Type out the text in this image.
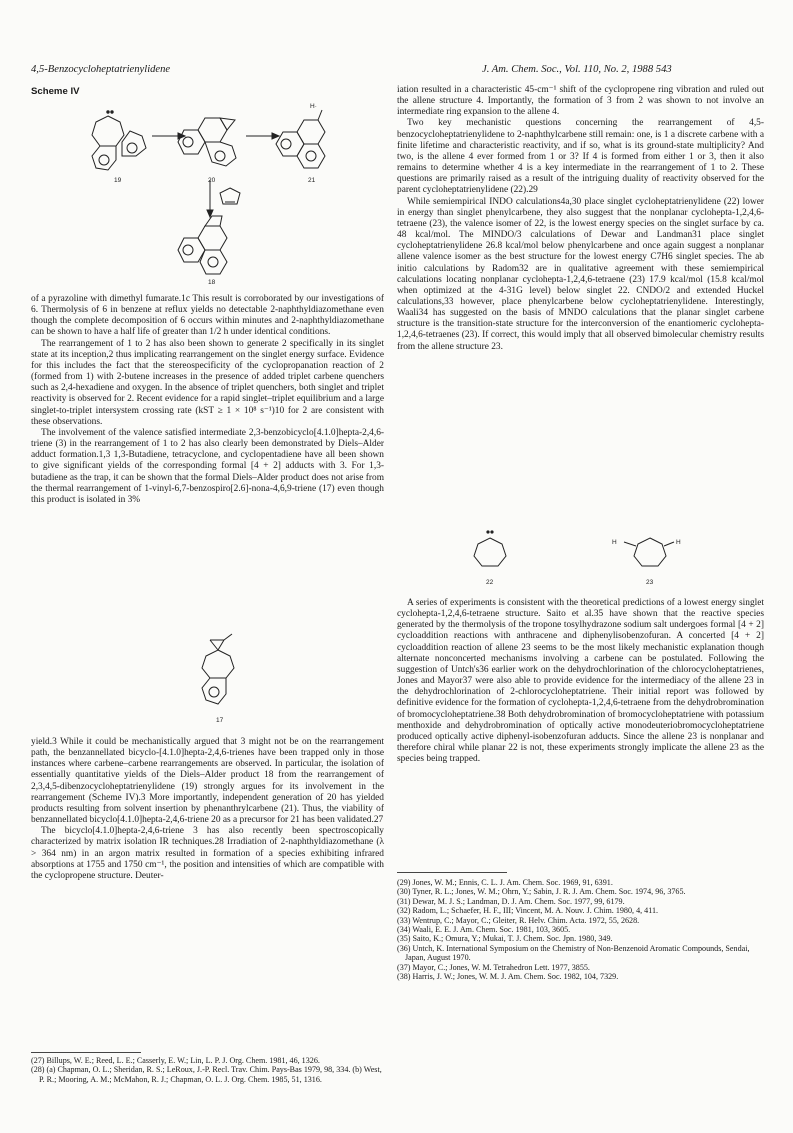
4,5-Benzocycloheptatrienylidene	J. Am. Chem. Soc., Vol. 110, No. 2, 1988 543
Scheme IV
19	20	21
18
H·

of a pyrazoline with dimethyl fumarate.1c This result is corroborated by our investigations of 6. Thermolysis of 6 in benzene at reflux yields no detectable 2-naphthyldiazomethane even though the complete decomposition of 6 occurs within minutes and 2-naphthyldiazomethane can be shown to have a half life of greater than 1/2 h under identical conditions.

The rearrangement of 1 to 2 has also been shown to generate 2 specifically in its singlet state at its inception,2 thus implicating rearrangement on the singlet energy surface. Evidence for this includes the fact that the stereospecificity of the cyclopropanation reaction of 2 (formed from 1) with 2-butene increases in the presence of added triplet carbene quenchers such as 2,4-hexadiene and oxygen. In the absence of triplet quenchers, both singlet and triplet reactivity is observed for 2. Recent evidence for a rapid singlet–triplet equilibrium and a large singlet-to-triplet intersystem crossing rate (kST ≥ 1 × 10⁸ s⁻¹)10 for 2 are consistent with these observations.

The involvement of the valence satisfied intermediate 2,3-benzobicyclo[4.1.0]hepta-2,4,6-triene (3) in the rearrangement of 1 to 2 has also clearly been demonstrated by Diels–Alder adduct formation.1,3 1,3-Butadiene, tetracyclone, and cyclopentadiene have all been shown to give significant yields of the corresponding formal [4 + 2] adducts with 3. For 1,3-butadiene as the trap, it can be shown that the formal Diels–Alder product does not arise from the thermal rearrangement of 1-vinyl-6,7-benzospiro[2.6]-nona-4,6,9-triene (17) even though this product is isolated in 3%

17

yield.3 While it could be mechanistically argued that 3 might not be on the rearrangement path, the benzannellated bicyclo-[4.1.0]hepta-2,4,6-trienes have been trapped only in those instances where carbene–carbene rearrangements are observed. In particular, the isolation of essentially quantitative yields of the Diels–Alder product 18 from the rearrangement of 2,3,4,5-dibenzocycloheptatrienylidene (19) strongly argues for its involvement in the rearrangement (Scheme IV).3 More importantly, independent generation of 20 has yielded products resulting from solvent insertion by phenanthrylcarbene (21). Thus, the viability of benzannellated bicyclo[4.1.0]hepta-2,4,6-triene 20 as a precursor for 21 has been validated.27

The bicyclo[4.1.0]hepta-2,4,6-triene 3 has also recently been spectroscopically characterized by matrix isolation IR techniques.28 Irradiation of 2-naphthyldiazomethane (λ > 364 nm) in an argon matrix resulted in formation of a species exhibiting infrared absorptions at 1755 and 1750 cm⁻¹, the position and intensities of which are compatible with the cyclopropene structure. Deuter-

(27) Billups, W. E.; Reed, L. E.; Casserly, E. W.; Lin, L. P. J. Org. Chem. 1981, 46, 1326.
(28) (a) Chapman, O. L.; Sheridan, R. S.; LeRoux, J.-P. Recl. Trav. Chim. Pays-Bas 1979, 98, 334. (b) West, P. R.; Mooring, A. M.; McMahon, R. J.; Chapman, O. L. J. Org. Chem. 1985, 51, 1316.

iation resulted in a characteristic 45-cm⁻¹ shift of the cyclopropene ring vibration and ruled out the allene structure 4. Importantly, the formation of 3 from 2 was shown to not involve an intermediate ring expansion to the allene 4.

Two key mechanistic questions concerning the rearrangement of 4,5-benzocycloheptatrienylidene to 2-naphthylcarbene still remain: one, is 1 a discrete carbene with a finite lifetime and characteristic reactivity, and if so, what is its ground-state multiplicity? And two, is the allene 4 ever formed from 1 or 3? If 4 is formed from either 1 or 3, then it also remains to determine whether 4 is a key intermediate in the rearrangement of 1 to 2. These questions are primarily raised as a result of the intriguing duality of reactivity observed for the parent cycloheptatrienylidene (22).29

While semiempirical INDO calculations4a,30 place singlet cycloheptatrienylidene (22) lower in energy than singlet phenylcarbene, they also suggest that the nonplanar cyclohepta-1,2,4,6-tetraene (23), the valence isomer of 22, is the lowest energy species on the singlet surface by ca. 48 kcal/mol. The MINDO/3 calculations of Dewar and Landman31 place singlet cycloheptatrienylidene 26.8 kcal/mol below phenylcarbene and once again suggest a nonplanar allene valence isomer as the best structure for the lowest energy C7H6 singlet species. The ab initio calculations by Radom32 are in qualitative agreement with these semiempirical calculations locating nonplanar cyclohepta-1,2,4,6-tetraene (23) 17.9 kcal/mol (15.8 kcal/mol when optimized at the 4-31G level) below singlet 22. CNDO/2 and extended Huckel calculations,33 however, place phenylcarbene below cycloheptatrienylidene. Interestingly, Waali34 has suggested on the basis of MNDO calculations that the planar singlet carbene structure is the transition-state structure for the interconversion of the enantiomeric cyclohepta-1,2,4,6-tetraenes (23). If correct, this would imply that all observed bimolecular chemistry results from the allene structure 23.

22	23
H	H

A series of experiments is consistent with the theoretical predictions of a lowest energy singlet cyclohepta-1,2,4,6-tetraene structure. Saito et al.35 have shown that the reactive species generated by the thermolysis of the tropone tosylhydrazone sodium salt undergoes formal [4 + 2] cycloaddition reactions with anthracene and diphenylisobenzofuran. A concerted [4 + 2] cycloaddition reaction of allene 23 seems to be the most likely mechanistic explanation though alternate nonconcerted mechanisms involving a carbene can be postulated. Following the suggestion of Untch's36 earlier work on the dehydrochlorination of the chlorocycloheptatrienes, Jones and Mayor37 were also able to provide evidence for the intermediacy of the allene 23 in the dehydrochlorination of 2-chlorocycloheptatriene. Their initial report was followed by definitive evidence for the formation of cyclohepta-1,2,4,6-tetraene from the dehydrobromination of bromocycloheptatriene.38 Both dehydrobromination of bromocycloheptatriene with potassium menthoxide and dehydrobromination of optically active monodeuteriobromocycloheptatriene produced optically active diphenyl-isobenzofuran adducts. Since the allene 23 is nonplanar and therefore chiral while planar 22 is not, these experiments strongly implicate the allene 23 as the species being trapped.

(29) Jones, W. M.; Ennis, C. L. J. Am. Chem. Soc. 1969, 91, 6391.
(30) Tyner, R. L.; Jones, W. M.; Ohrn, Y.; Sabin, J. R. J. Am. Chem. Soc. 1974, 96, 3765.
(31) Dewar, M. J. S.; Landman, D. J. Am. Chem. Soc. 1977, 99, 6179.
(32) Radom, L.; Schaefer, H. F., III; Vincent, M. A. Nouv. J. Chim. 1980, 4, 411.
(33) Wentrup, C.; Mayor, C.; Gleiter, R. Helv. Chim. Acta. 1972, 55, 2628.
(34) Waali, E. E. J. Am. Chem. Soc. 1981, 103, 3605.
(35) Saito, K.; Omura, Y.; Mukai, T. J. Chem. Soc. Jpn. 1980, 349.
(36) Untch, K. International Symposium on the Chemistry of Non-Benzenoid Aromatic Compounds, Sendai, Japan, August 1970.
(37) Mayor, C.; Jones, W. M. Tetrahedron Lett. 1977, 3855.
(38) Harris, J. W.; Jones, W. M. J. Am. Chem. Soc. 1982, 104, 7329.
